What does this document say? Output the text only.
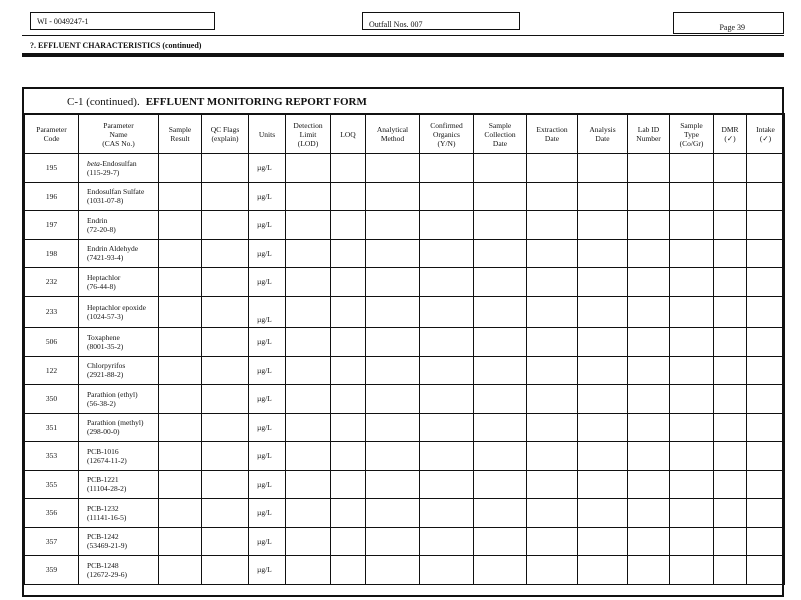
WI - 0049247-1	Outfall Nos. 007	Page 39
?. EFFLUENT CHARACTERISTICS (continued)
C-1 (continued). EFFLUENT MONITORING REPORT FORM
Parameter
Code	Parameter
Name
(CAS No.)	Sample
Result	QC Flags
(explain)	Units	Detection
Limit
(LOD)	LOQ	Analytical
Method	Confirmed
Organics
(Y/N)	Sample
Collection
Date	Extraction
Date	Analysis
Date	Lab ID
Number	Sample
Type
(Co/Gr)	DMR
(✓)	Intake
(✓)
195	beta-Endosulfan
(115-29-7)			µg/L											
196	Endosulfan Sulfate
(1031-07-8)			µg/L											
197	Endrin
(72-20-8)			µg/L											
198	Endrin Aldehyde
(7421-93-4)			µg/L											
232	Heptachlor
(76-44-8)			µg/L											
233	Heptachlor epoxide
(1024-57-3)			µg/L											
506	Toxaphene
(8001-35-2)			µg/L											
122	Chlorpyrifos
(2921-88-2)			µg/L											
350	Parathion (ethyl)
(56-38-2)			µg/L											
351	Parathion (methyl)
(298-00-0)			µg/L											
353	PCB-1016
(12674-11-2)			µg/L											
355	PCB-1221
(11104-28-2)			µg/L											
356	PCB-1232
(11141-16-5)			µg/L											
357	PCB-1242
(53469-21-9)			µg/L											
359	PCB-1248
(12672-29-6)			µg/L											
